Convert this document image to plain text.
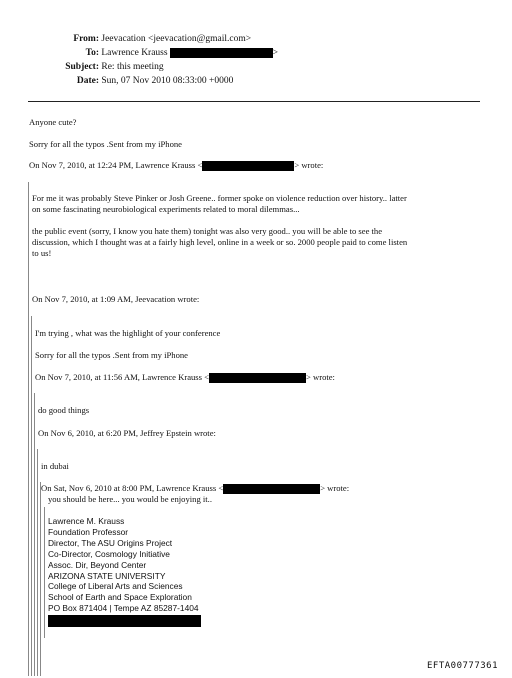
From: Jeevacation <jeevacation@gmail.com>
To: Lawrence Krauss	>
Subject: Re: this meeting
Date: Sun, 07 Nov 2010 08:33:00 +0000
Anyone cute?
Sorry for all the typos .Sent from my iPhone
On Nov 7, 2010, at 12:24 PM, Lawrence Krauss <	> wrote:
For me it was probably Steve Pinker or Josh Greene.. former spoke on violence reduction over history.. latter
on some fascinating neurobiological experiments related to moral dilemmas...
the public event (sorry, I know you hate them) tonight was also very good.. you will be able to see the
discussion, which I thought was at a fairly high level, online in a week or so. 2000 people paid to come listen
to us!
On Nov 7, 2010, at 1:09 AM, Jeevacation wrote:
I'm trying , what was the highlight of your conference
Sorry for all the typos .Sent from my iPhone
On Nov 7, 2010, at 11:56 AM, Lawrence Krauss <	> wrote:
do good things
On Nov 6, 2010, at 6:20 PM, Jeffrey Epstein wrote:
in dubai
On Sat, Nov 6, 2010 at 8:00 PM, Lawrence Krauss <	> wrote:
you should be here... you would be enjoying it..
Lawrence M. Krauss
Foundation Professor
Director, The ASU Origins Project
Co-Director, Cosmology Initiative
Assoc. Dir, Beyond Center
ARIZONA STATE UNIVERSITY
College of Liberal Arts and Sciences
School of Earth and Space Exploration
PO Box 871404 | Tempe AZ 85287-1404
EFTA00777361
